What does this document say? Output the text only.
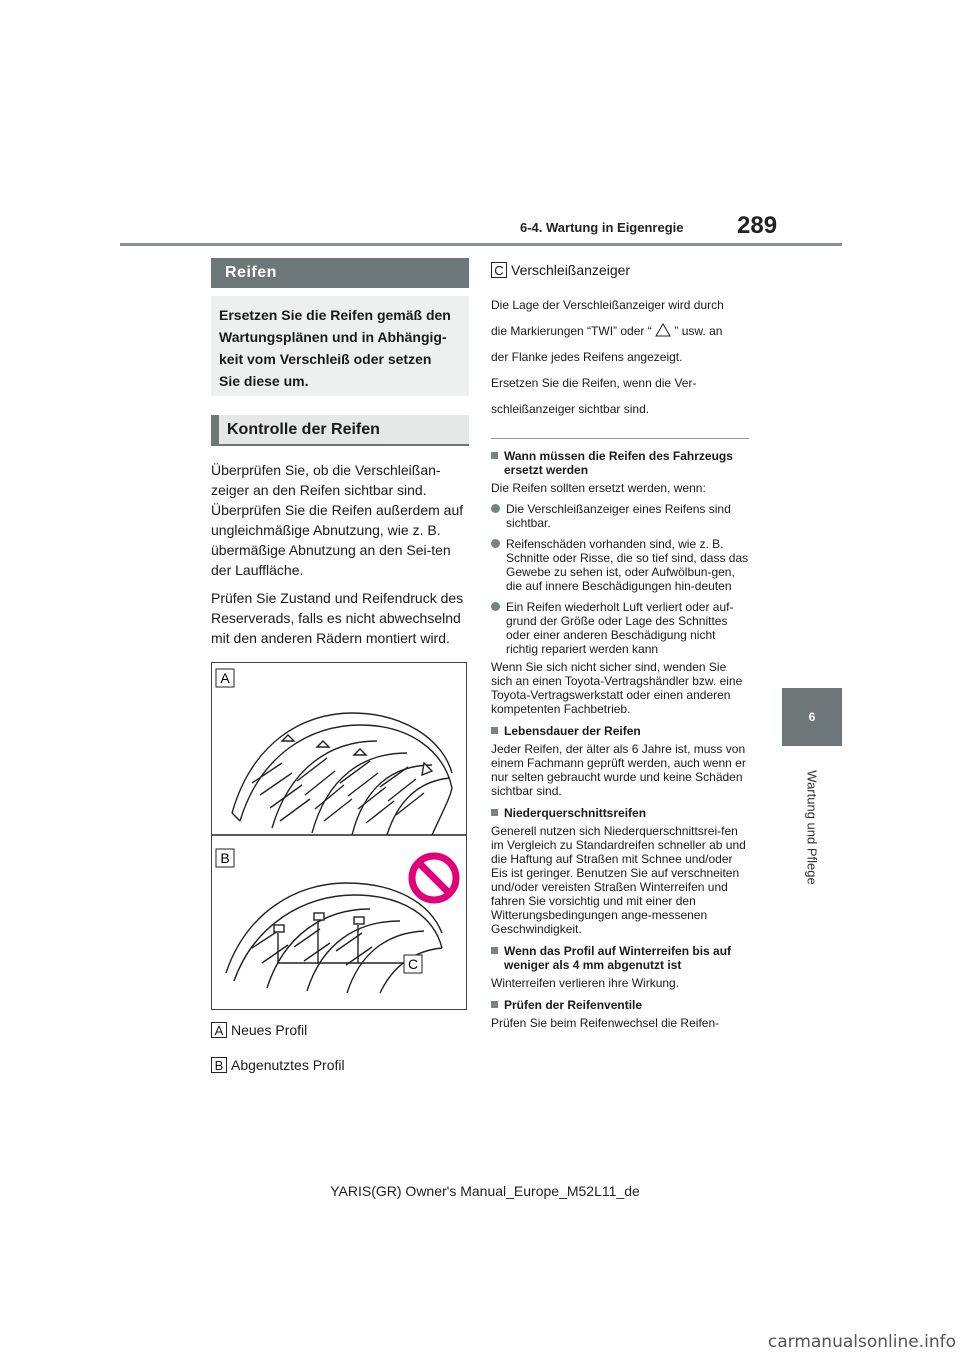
6-4. Wartung in Eigenregie 289
6
Wartung und Pflege
Reifen
Ersetzen Sie die Reifen gemäß den
Wartungsplänen und in Abhängig-
keit vom Verschleiß oder setzen
Sie diese um.
Kontrolle der Reifen

Überprüfen Sie, ob die Verschleißan-zeiger an den Reifen sichtbar sind. Überprüfen Sie die Reifen außerdem auf ungleichmäßige Abnutzung, wie z. B. übermäßige Abnutzung an den Sei-ten der Lauffläche.

Prüfen Sie Zustand und Reifendruck des Reserverads, falls es nicht abwechselnd mit den anderen Rädern montiert wird.

A
B
C
A Neues Profil
B Abgenutztes Profil
C Verschleißanzeiger
Die Lage der Verschleißanzeiger wird durch
die Markierungen “TWI” oder “ ” usw. an
der Flanke jedes Reifens angezeigt.
Ersetzen Sie die Reifen, wenn die Ver-
schleißanzeiger sichtbar sind.
Wann müssen die Reifen des Fahrzeugs ersetzt werden
Die Reifen sollten ersetzt werden, wenn:
Die Verschleißanzeiger eines Reifens sind sichtbar.
Reifenschäden vorhanden sind, wie z. B. Schnitte oder Risse, die so tief sind, dass das Gewebe zu sehen ist, oder Aufwölbun-gen, die auf innere Beschädigungen hin-deuten
Ein Reifen wiederholt Luft verliert oder auf-grund der Größe oder Lage des Schnittes oder einer anderen Beschädigung nicht richtig repariert werden kann
Wenn Sie sich nicht sicher sind, wenden Sie sich an einen Toyota-Vertragshändler bzw. eine Toyota-Vertragswerkstatt oder einen anderen kompetenten Fachbetrieb.
Lebensdauer der Reifen
Jeder Reifen, der älter als 6 Jahre ist, muss von einem Fachmann geprüft werden, auch wenn er nur selten gebraucht wurde und keine Schäden sichtbar sind.
Niederquerschnittsreifen
Generell nutzen sich Niederquerschnittsrei-fen im Vergleich zu Standardreifen schneller ab und die Haftung auf Straßen mit Schnee und/oder Eis ist geringer. Benutzen Sie auf verschneiten und/oder vereisten Straßen Winterreifen und fahren Sie vorsichtig und mit einer den Witterungsbedingungen ange-messenen Geschwindigkeit.
Wenn das Profil auf Winterreifen bis auf weniger als 4 mm abgenutzt ist
Winterreifen verlieren ihre Wirkung.
Prüfen der Reifenventile
Prüfen Sie beim Reifenwechsel die Reifen-
YARIS(GR) Owner's Manual_Europe_M52L11_de
carmanualsonline.info
